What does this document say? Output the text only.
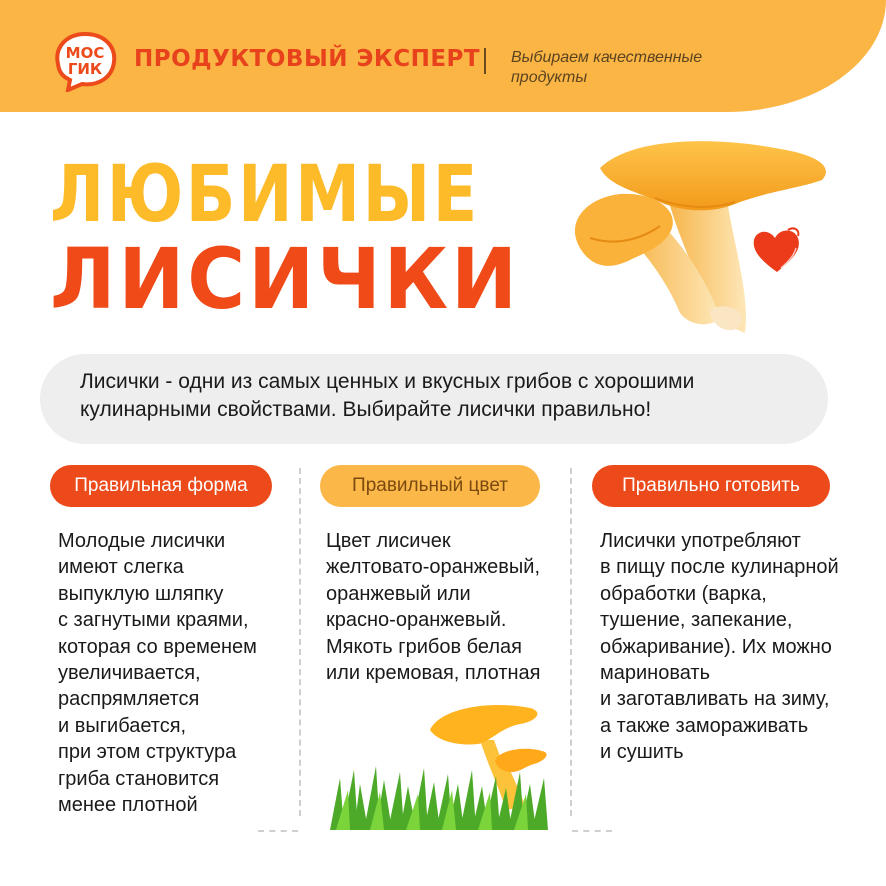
МОС
ГИК ПРОДУКТОВЫЙ ЭКСПЕРТ Выбираем качественные продукты
ЛЮБИМЫЕ
ЛИСИЧКИ
Лисички - одни из самых ценных и вкусных грибов с хорошими кулинарными свойствами. Выбирайте лисички правильно!
Правильная форма	Правильный цвет	Правильно готовить
Молодые лисички
имеют слегка
выпуклую шляпку
с загнутыми краями,
которая со временем
увеличивается,
распрямляется
и выгибается,
при этом структура
гриба становится
менее плотной
Цвет лисичек
желтовато-оранжевый,
оранжевый или
красно-оранжевый.
Мякоть грибов белая
или кремовая, плотная
Лисички употребляют
в пищу после кулинарной
обработки (варка,
тушение, запекание,
обжаривание). Их можно
мариновать
и заготавливать на зиму,
а также замораживать
и сушить
